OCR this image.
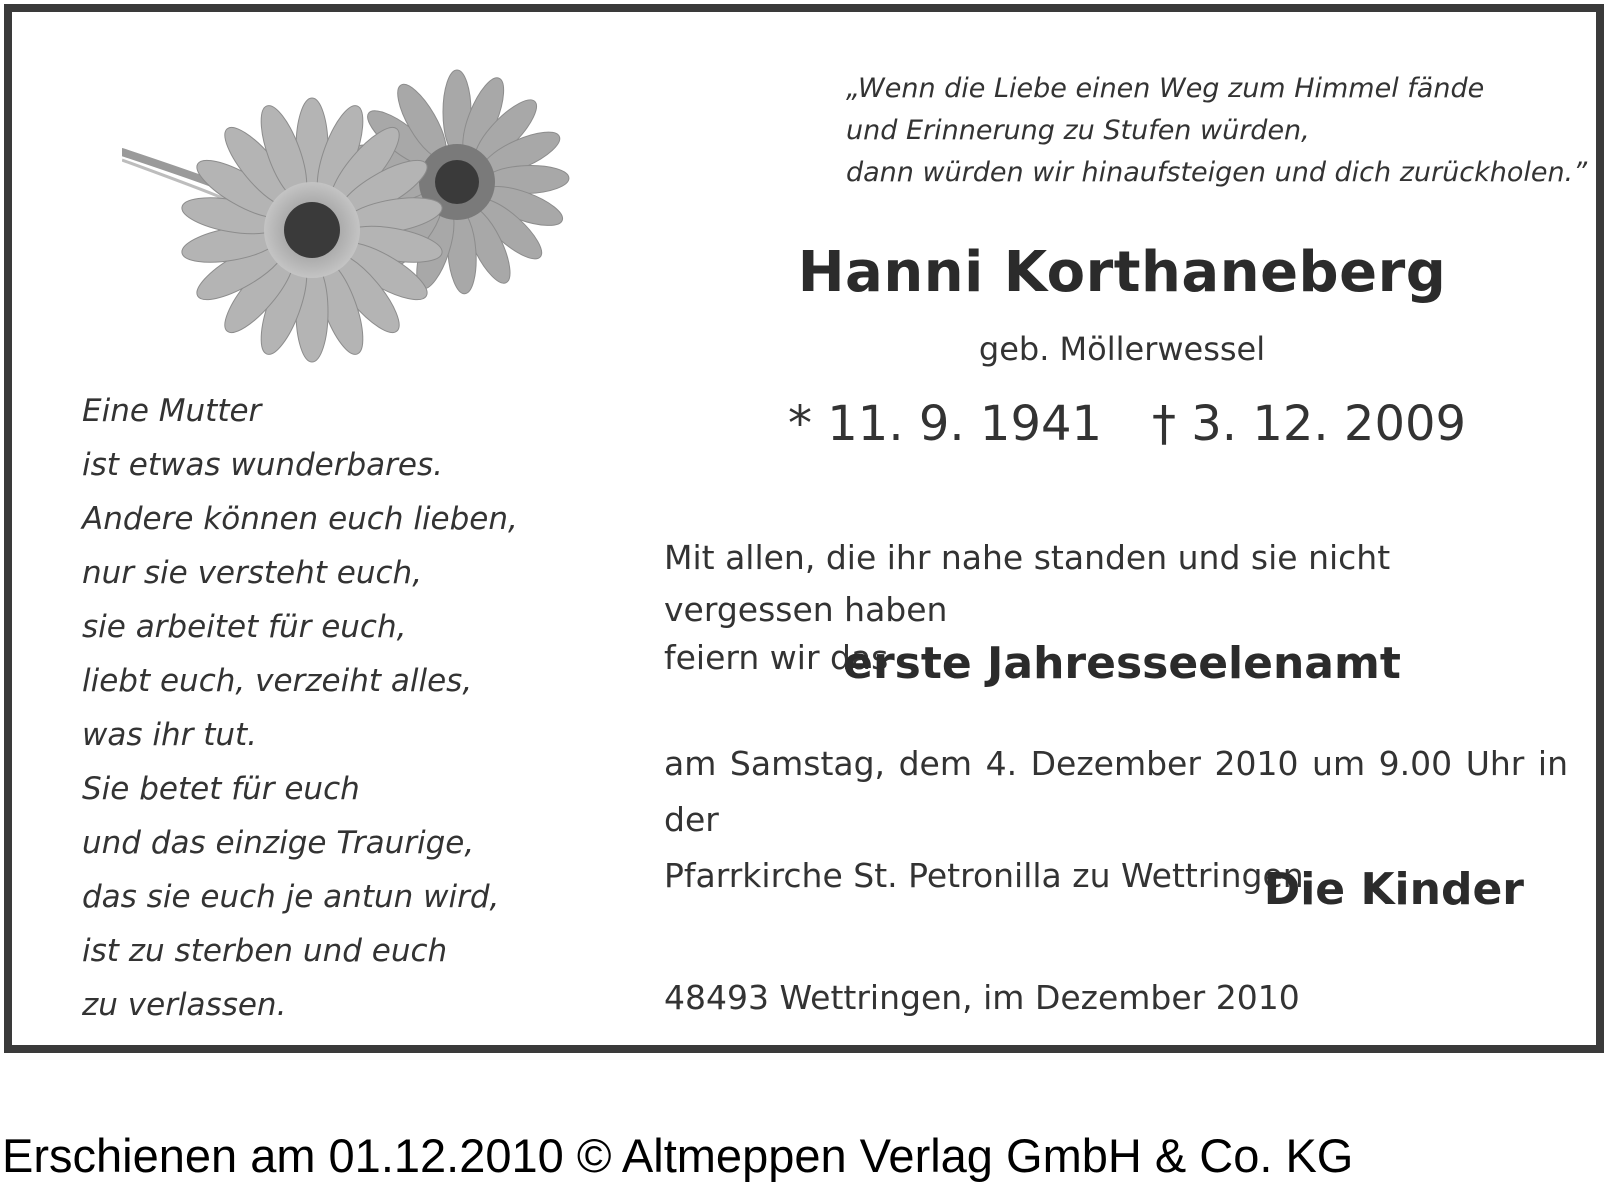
„Wenn die Liebe einen Weg zum Himmel fände
und Erinnerung zu Stufen würden,
dann würden wir hinaufsteigen und dich zurückholen.”
Hanni Korthaneberg
geb. Möllerwessel
* 11. 9. 1941 † 3. 12. 2009
Eine Mutter
ist etwas wunderbares.
Andere können euch lieben,
nur sie versteht euch,
sie arbeitet für euch,
liebt euch, verzeiht alles,
was ihr tut.
Sie betet für euch
und das einzige Traurige,
das sie euch je antun wird,
ist zu sterben und euch
zu verlassen.
Mit allen, die ihr nahe standen und sie nicht vergessen haben
feiern wir das
erste Jahresseelenamt
am Samstag, dem 4. Dezember 2010 um 9.00 Uhr in der
Pfarrkirche St. Petronilla zu Wettringen.
Die Kinder
48493 Wettringen, im Dezember 2010
Erschienen am 01.12.2010 © Altmeppen Verlag GmbH & Co. KG
